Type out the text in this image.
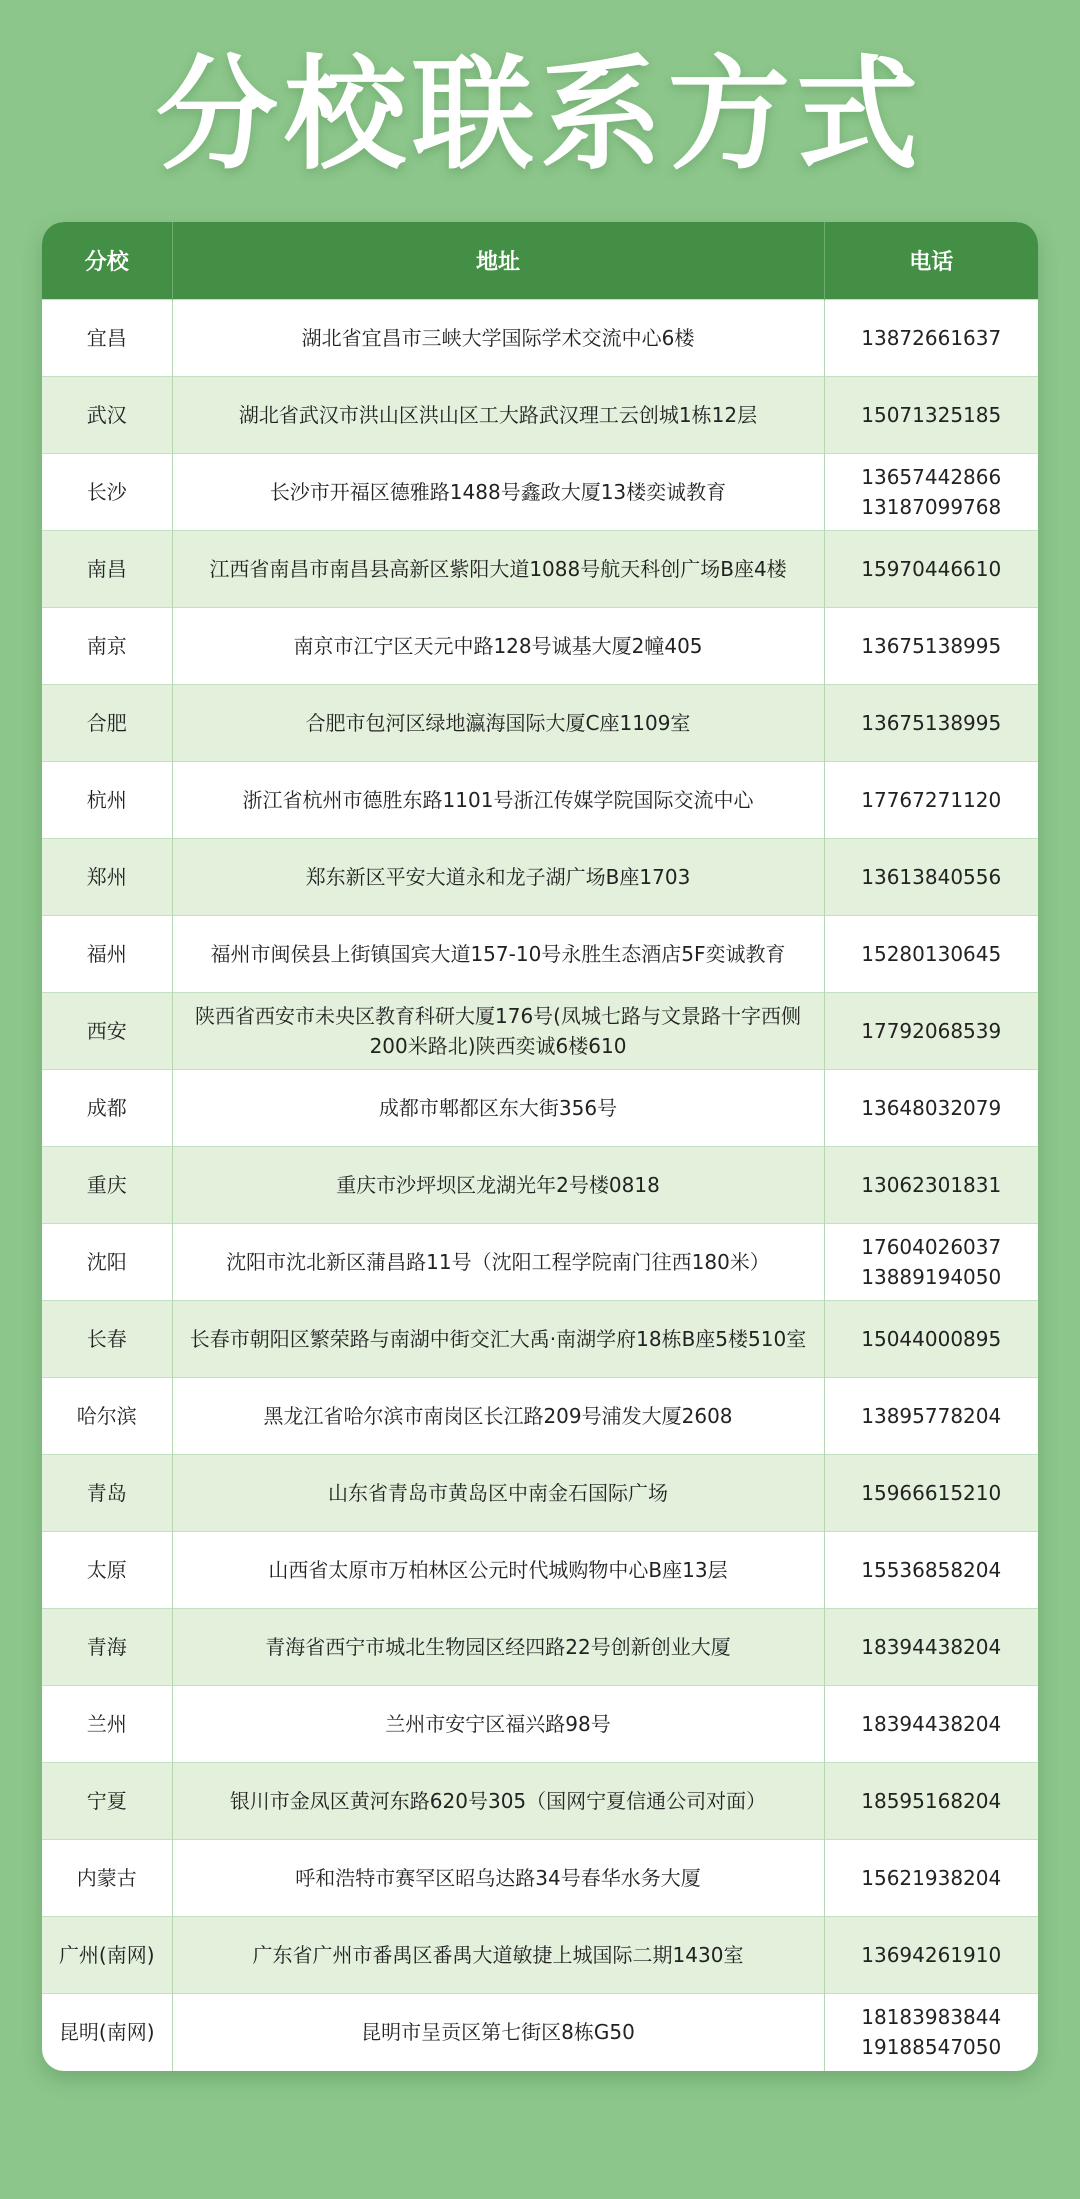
分校联系方式
分校	地址	电话
宜昌	湖北省宜昌市三峡大学国际学术交流中心6楼	13872661637

武汉	湖北省武汉市洪山区洪山区工大路武汉理工云创城1栋12层	15071325185

长沙	长沙市开福区德雅路1488号鑫政大厦13楼奕诚教育	13657442866
13187099768

南昌	江西省南昌市南昌县高新区紫阳大道1088号航天科创广场B座4楼	15970446610

南京	南京市江宁区天元中路128号诚基大厦2幢405	13675138995

合肥	合肥市包河区绿地瀛海国际大厦C座1109室	13675138995

杭州	浙江省杭州市德胜东路1101号浙江传媒学院国际交流中心	17767271120

郑州	郑东新区平安大道永和龙子湖广场B座1703	13613840556

福州	福州市闽侯县上街镇国宾大道157-10号永胜生态酒店5F奕诚教育	15280130645

西安	陕西省西安市未央区教育科研大厦176号(凤城七路与文景路十字西侧200米路北)陕西奕诚6楼610	17792068539

成都	成都市郫都区东大街356号	13648032079

重庆	重庆市沙坪坝区龙湖光年2号楼0818	13062301831

沈阳	沈阳市沈北新区蒲昌路11号（沈阳工程学院南门往西180米）	17604026037
13889194050

长春	长春市朝阳区繁荣路与南湖中街交汇大禹·南湖学府18栋B座5楼510室	15044000895

哈尔滨	黑龙江省哈尔滨市南岗区长江路209号浦发大厦2608	13895778204

青岛	山东省青岛市黄岛区中南金石国际广场	15966615210

太原	山西省太原市万柏林区公元时代城购物中心B座13层	15536858204

青海	青海省西宁市城北生物园区经四路22号创新创业大厦	18394438204

兰州	兰州市安宁区福兴路98号	18394438204

宁夏	银川市金凤区黄河东路620号305（国网宁夏信通公司对面）	18595168204

内蒙古	呼和浩特市赛罕区昭乌达路34号春华水务大厦	15621938204

广州(南网)	广东省广州市番禺区番禺大道敏捷上城国际二期1430室	13694261910

昆明(南网)	昆明市呈贡区第七街区8栋G50	18183983844
19188547050
